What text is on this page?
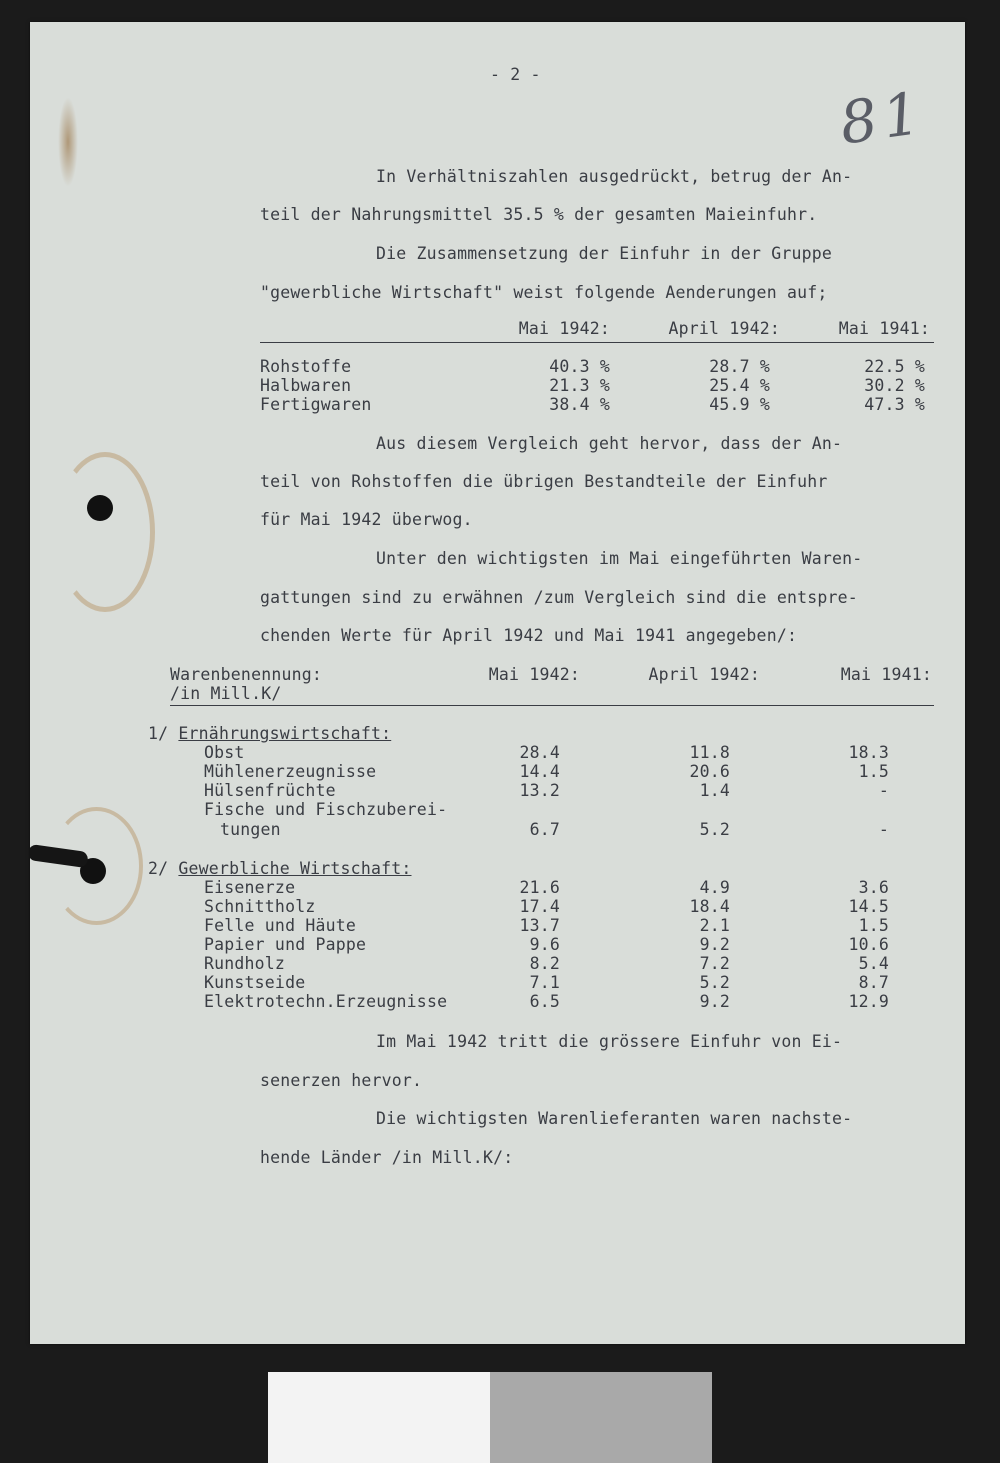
81
- 2 -
In Verhältniszahlen ausgedrückt, betrug der An-
teil der Nahrungsmittel 35.5 % der gesamten Maieinfuhr.
Die Zusammensetzung der Einfuhr in der Gruppe
"gewerbliche Wirtschaft" weist folgende Aenderungen auf;
Mai 1942:	April 1942:	Mai 1941:
Rohstoffe	40.3 %	28.7 %	22.5 %
Halbwaren	21.3 %	25.4 %	30.2 %
Fertigwaren	38.4 %	45.9 %	47.3 %
Aus diesem Vergleich geht hervor, dass der An-
teil von Rohstoffen die übrigen Bestandteile der Einfuhr
für Mai 1942 überwog.
Unter den wichtigsten im Mai eingeführten Waren-
gattungen sind zu erwähnen /zum Vergleich sind die entspre-
chenden Werte für April 1942 und Mai 1941 angegeben/:
Warenbenennung:
/in Mill.K/
Mai 1942:	April 1942:	Mai 1941:
1/ Ernährungswirtschaft:
Obst	28.4	11.8	18.3
Mühlenerzeugnisse	14.4	20.6	1.5
Hülsenfrüchte	13.2	1.4	-
Fische und Fischzuberei-
tungen	6.7	5.2	-
2/ Gewerbliche Wirtschaft:
Eisenerze	21.6	4.9	3.6
Schnittholz	17.4	18.4	14.5
Felle und Häute	13.7	2.1	1.5
Papier und Pappe	9.6	9.2	10.6
Rundholz	8.2	7.2	5.4
Kunstseide	7.1	5.2	8.7
Elektrotechn.Erzeugnisse	6.5	9.2	12.9
Im Mai 1942 tritt die grössere Einfuhr von Ei-
senerzen hervor.
Die wichtigsten Warenlieferanten waren nachste-
hende Länder /in Mill.K/:
